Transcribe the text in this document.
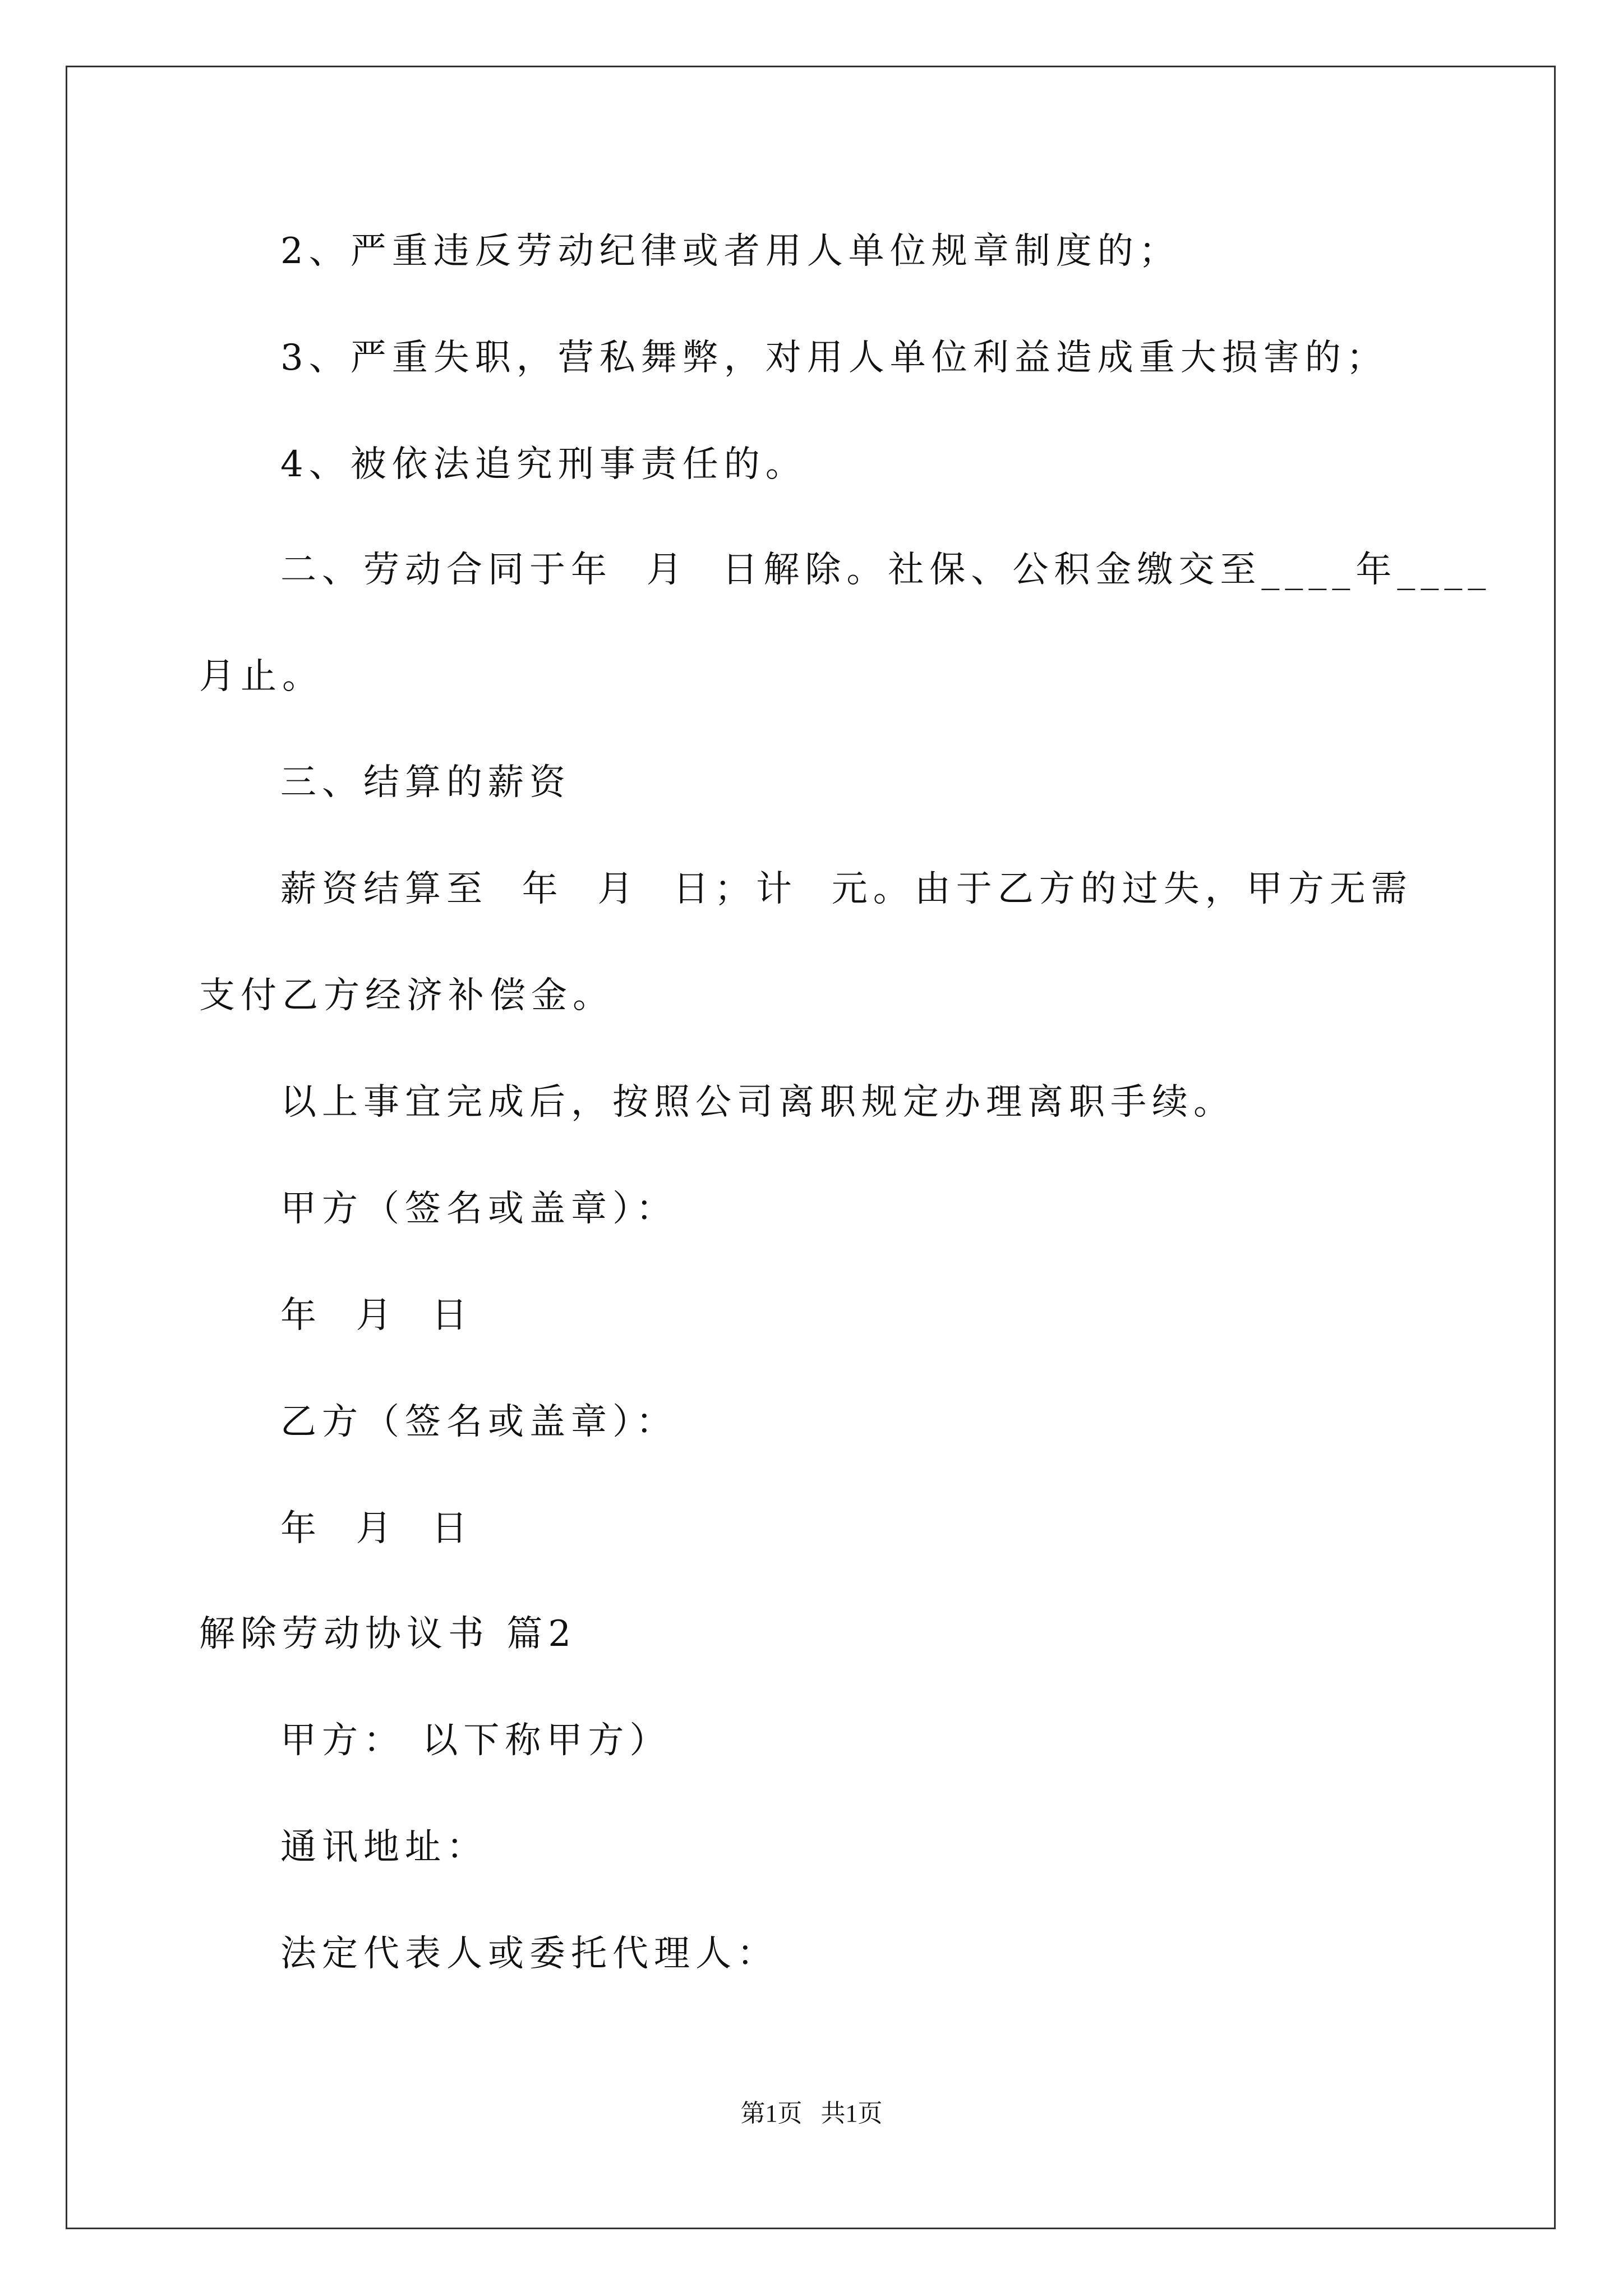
2、严重违反劳动纪律或者用人单位规章制度的；
3、严重失职，营私舞弊，对用人单位利益造成重大损害的；
4、被依法追究刑事责任的。
二、劳动合同于年  月  日解除。社保、公积金缴交至____年____
月止。
三、结算的薪资
薪资结算至  年  月  日；计  元。由于乙方的过失，甲方无需
支付乙方经济补偿金。
以上事宜完成后，按照公司离职规定办理离职手续。
甲方（签名或盖章）：
年  月  日
乙方（签名或盖章）：
年  月  日
解除劳动协议书 篇2
甲方： 以下称甲方）
通讯地址：
法定代表人或委托代理人：
第1页   共1页
